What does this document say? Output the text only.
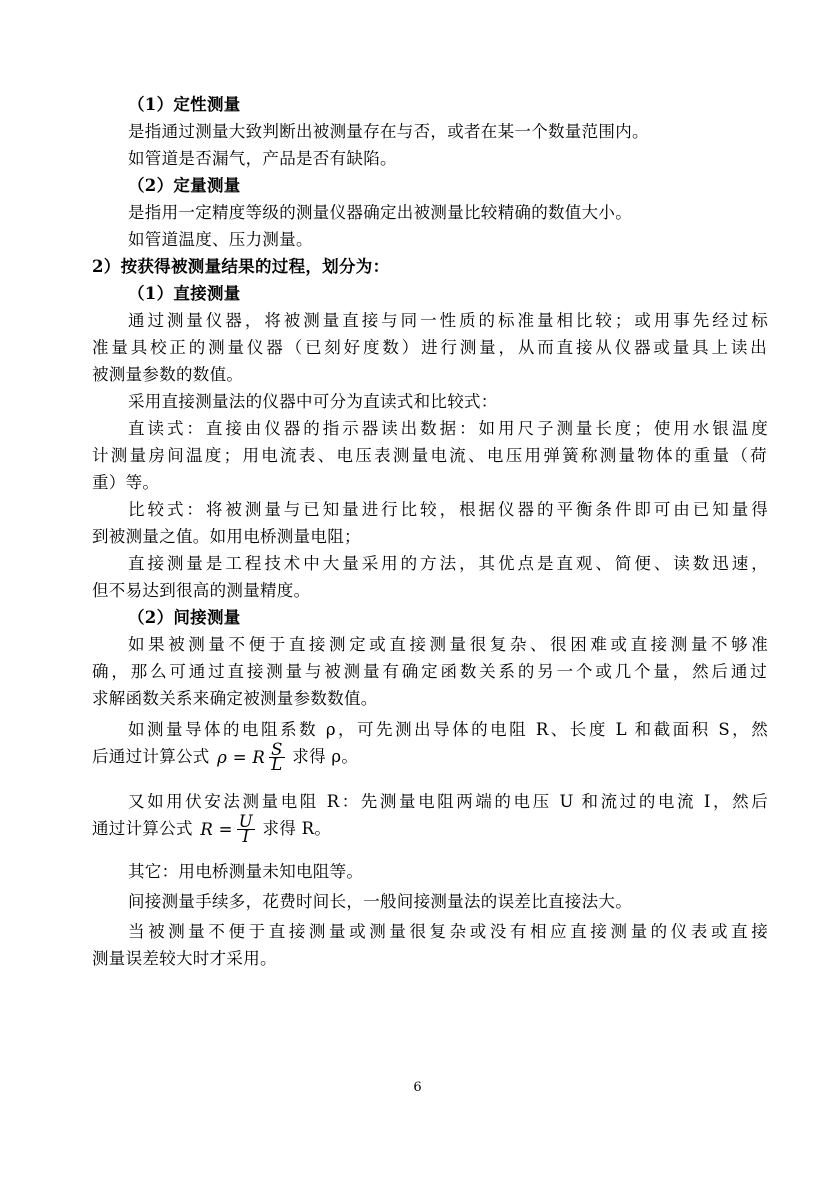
（1）定性测量
是指通过测量大致判断出被测量存在与否，或者在某一个数量范围内。
如管道是否漏气，产品是否有缺陷。
（2）定量测量
是指用一定精度等级的测量仪器确定出被测量比较精确的数值大小。
如管道温度、压力测量。
2）按获得被测量结果的过程，划分为：
（1）直接测量
通过测量仪器，将被测量直接与同一性质的标准量相比较；或用事先经过标
准量具校正的测量仪器（已刻好度数）进行测量，从而直接从仪器或量具上读出
被测量参数的数值。
采用直接测量法的仪器中可分为直读式和比较式：
直读式：直接由仪器的指示器读出数据：如用尺子测量长度；使用水银温度
计测量房间温度；用电流表、电压表测量电流、电压用弹簧称测量物体的重量（荷
重）等。
比较式：将被测量与已知量进行比较，根据仪器的平衡条件即可由已知量得
到被测量之值。如用电桥测量电阻；
直接测量是工程技术中大量采用的方法，其优点是直观、简便、读数迅速，
但不易达到很高的测量精度。
（2）间接测量
如果被测量不便于直接测定或直接测量很复杂、很困难或直接测量不够准
确，那么可通过直接测量与被测量有确定函数关系的另一个或几个量，然后通过
求解函数关系来确定被测量参数数值。
如测量导体的电阻系数 ρ，可先测出导体的电阻 R、长度 L 和截面积 S，然
后通过计算公式 ρ = R $\frac{S}{L}$ 求得 ρ。
又如用伏安法测量电阻 R：先测量电阻两端的电压 U 和流过的电流 I，然后
通过计算公式 $R = \frac{U}{I}$ 求得 R。
其它：用电桥测量未知电阻等。
间接测量手续多，花费时间长，一般间接测量法的误差比直接法大。
当被测量不便于直接测量或测量很复杂或没有相应直接测量的仪表或直接
测量误差较大时才采用。
6
